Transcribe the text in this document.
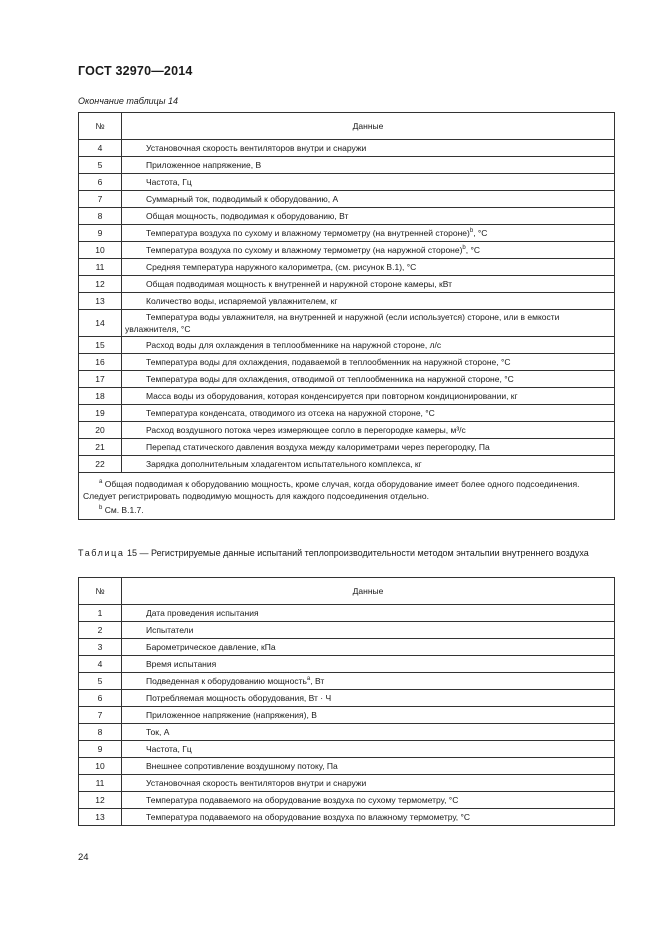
ГОСТ 32970—2014
Окончание таблицы 14
№	Данные
4	Установочная скорость вентиляторов внутри и снаружи
5	Приложенное напряжение, В
6	Частота, Гц
7	Суммарный ток, подводимый к оборудованию, А
8	Общая мощность, подводимая к оборудованию, Вт
9	Температура воздуха по сухому и влажному термометру (на внутренней стороне)$^b$, °С
10	Температура воздуха по сухому и влажному термометру (на наружной стороне)$^b$, °С
11	Средняя температура наружного калориметра, (см. рисунок В.1), °С
12	Общая подводимая мощность к внутренней и наружной стороне камеры, кВт
13	Количество воды, испаряемой увлажнителем, кг
14	Температура воды увлажнителя, на внутренней и наружной (если используется) стороне, или в емкости увлажнителя, °С
15	Расход воды для охлаждения в теплообменнике на наружной стороне, л/с
16	Температура воды для охлаждения, подаваемой в теплообменник на наружной стороне, °С
17	Температура воды для охлаждения, отводимой от теплообменника на наружной стороне, °С
18	Масса воды из оборудования, которая конденсируется при повторном кондиционировании, кг
19	Температура конденсата, отводимого из отсека на наружной стороне, °С
20	Расход воздушного потока через измеряющее сопло в перегородке камеры, м³/с
21	Перепад статического давления воздуха между калориметрами через перегородку, Па
22	Зарядка дополнительным хладагентом испытательного комплекса, кг

$^a$ Общая подводимая к оборудованию мощность, кроме случая, когда оборудование имеет более одного подсоединения. Следует регистрировать подводимую мощность для каждого подсоединения отдельно.
$^b$ См. В.1.7.	
Таблица 15 — Регистрируемые данные испытаний теплопроизводительности методом энтальпии внутреннего воздуха
№	Данные
1	Дата проведения испытания
2	Испытатели
3	Барометрическое давление, кПа
4	Время испытания
5	Подведенная к оборудованию мощность$^а$, Вт
6	Потребляемая мощность оборудования, Вт · Ч
7	Приложенное напряжение (напряжения), В
8	Ток, А
9	Частота, Гц
10	Внешнее сопротивление воздушному потоку, Па
11	Установочная скорость вентиляторов внутри и снаружи
12	Температура подаваемого на оборудование воздуха по сухому термометру, °С
13	Температура подаваемого на оборудование воздуха по влажному термометру, °С
24
